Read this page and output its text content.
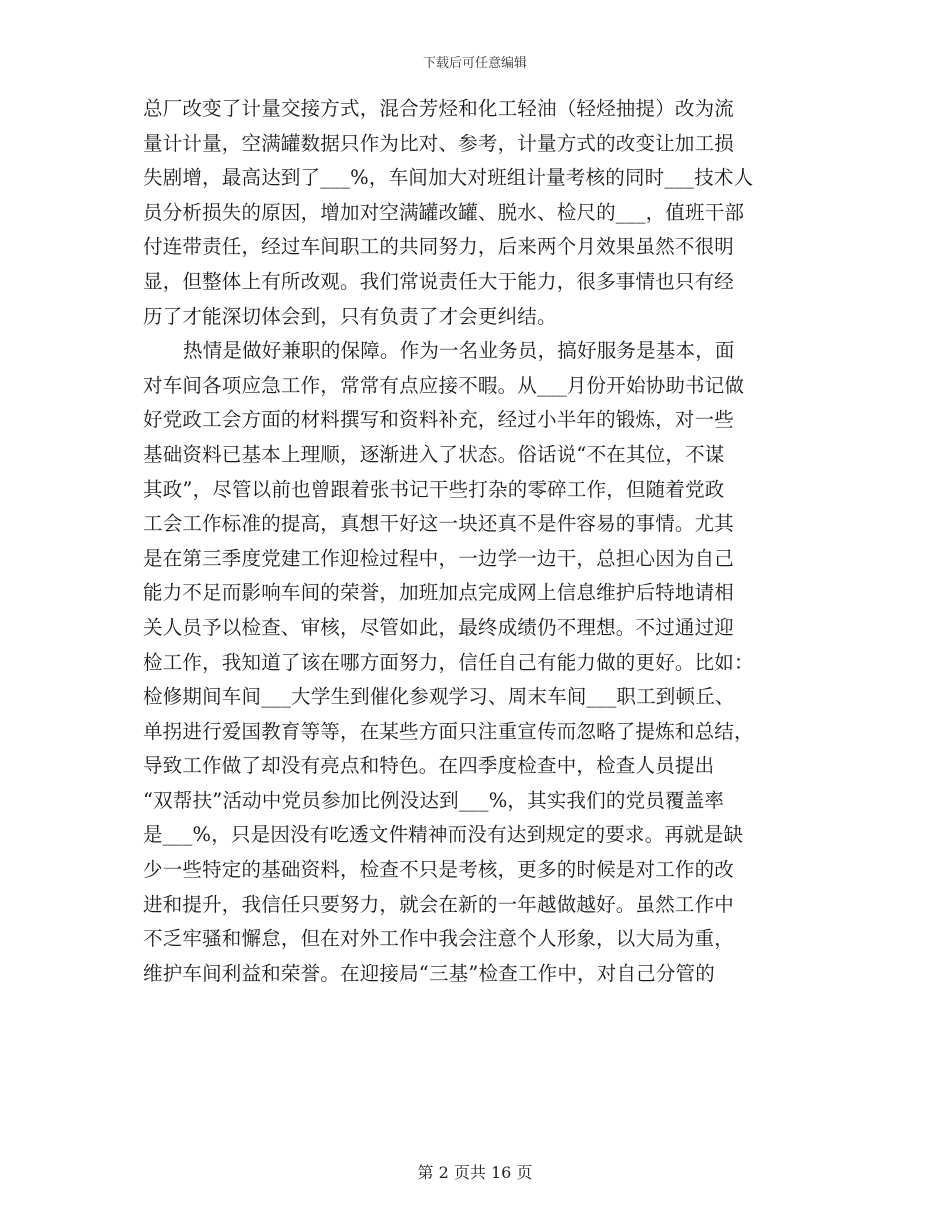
下载后可任意编辑
总厂改变了计量交接方式，混合芳烃和化工轻油（轻烃抽提）改为流
量计计量，空满罐数据只作为比对、参考，计量方式的改变让加工损
失剧增，最高达到了___%，车间加大对班组计量考核的同时___技术人
员分析损失的原因，增加对空满罐改罐、脱水、检尺的___，值班干部
付连带责任，经过车间职工的共同努力，后来两个月效果虽然不很明
显，但整体上有所改观。我们常说责任大于能力，很多事情也只有经
历了才能深切体会到，只有负责了才会更纠结。
热情是做好兼职的保障。作为一名业务员，搞好服务是基本，面
对车间各项应急工作，常常有点应接不暇。从___月份开始协助书记做
好党政工会方面的材料撰写和资料补充，经过小半年的锻炼，对一些
基础资料已基本上理顺，逐渐进入了状态。俗话说“不在其位，不谋
其政”，尽管以前也曾跟着张书记干些打杂的零碎工作，但随着党政
工会工作标准的提高，真想干好这一块还真不是件容易的事情。尤其
是在第三季度党建工作迎检过程中，一边学一边干，总担心因为自己
能力不足而影响车间的荣誉，加班加点完成网上信息维护后特地请相
关人员予以检查、审核，尽管如此，最终成绩仍不理想。不过通过迎
检工作，我知道了该在哪方面努力，信任自己有能力做的更好。比如：
检修期间车间___大学生到催化参观学习、周末车间___职工到顿丘、
单拐进行爱国教育等等，在某些方面只注重宣传而忽略了提炼和总结，
导致工作做了却没有亮点和特色。在四季度检查中，检查人员提出
“双帮扶”活动中党员参加比例没达到___%，其实我们的党员覆盖率
是___%，只是因没有吃透文件精神而没有达到规定的要求。再就是缺
少一些特定的基础资料，检查不只是考核，更多的时候是对工作的改
进和提升，我信任只要努力，就会在新的一年越做越好。虽然工作中
不乏牢骚和懈怠，但在对外工作中我会注意个人形象，以大局为重，
维护车间利益和荣誉。在迎接局“三基”检查工作中，对自己分管的
第 2 页共 16 页
